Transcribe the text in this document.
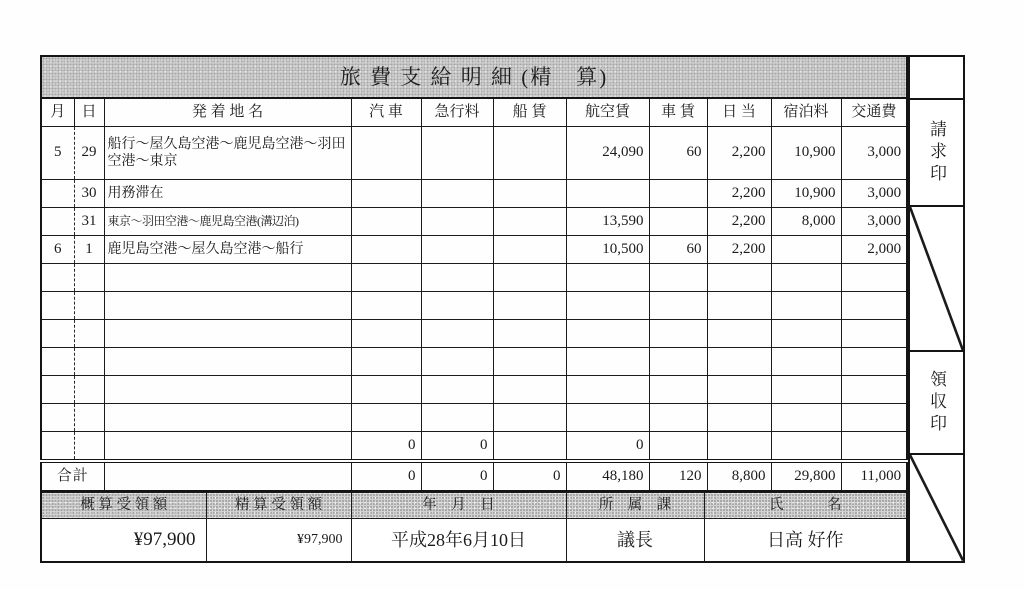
旅 費 支 給 明 細 (精　算)										
月	日	発 着 地 名	汽 車	急行料	船 賃	航空賃	車 賃	日 当	宿泊料	交通費
5	29	船行～屋久島空港～鹿児島空港～羽田空港～東京				24,090	60	2,200	10,900	3,000
	30	用務滞在						2,200	10,900	3,000
	31	東京～羽田空港～鹿児島空港(溝辺泊)				13,590		2,200	8,000	3,000
6	1	鹿児島空港～屋久島空港～船行				10,500	60	2,200		2,000

			0	0		0				
合計			0	0	0	48,180	120	8,800	29,800	11,000
概 算 受 領 額	精 算 受 領 額	年　月　日	所　属　課	氏　　　名
¥97,900	¥97,900	平成28年6月10日	議長	日高 好作
請求印
領収印
